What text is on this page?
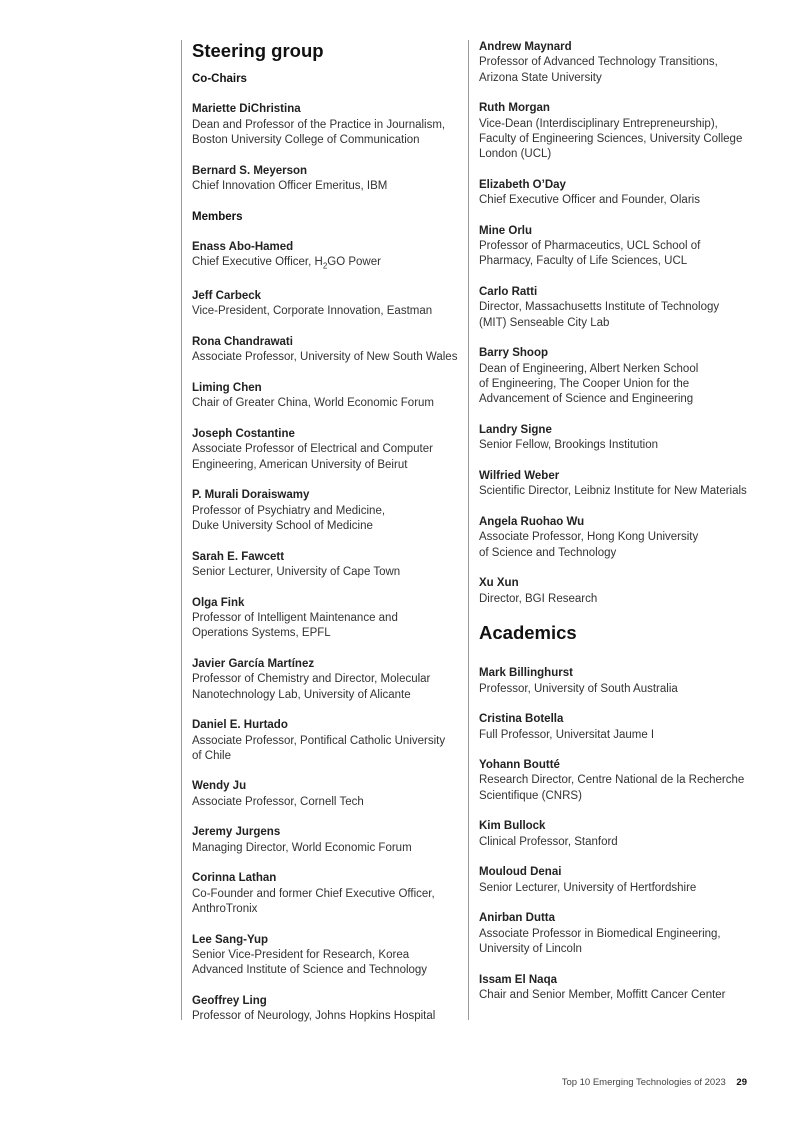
Steering group
Co-Chairs
Mariette DiChristina
Dean and Professor of the Practice in Journalism,
Boston University College of Communication
Bernard S. Meyerson
Chief Innovation Officer Emeritus, IBM
Members
Enass Abo-Hamed
Chief Executive Officer, $H_2GO$ Power
Jeff Carbeck
Vice-President, Corporate Innovation, Eastman
Rona Chandrawati
Associate Professor, University of New South Wales
Liming Chen
Chair of Greater China, World Economic Forum
Joseph Costantine
Associate Professor of Electrical and Computer
Engineering, American University of Beirut
P. Murali Doraiswamy
Professor of Psychiatry and Medicine,
Duke University School of Medicine
Sarah E. Fawcett
Senior Lecturer, University of Cape Town
Olga Fink
Professor of Intelligent Maintenance and
Operations Systems, EPFL
Javier García Martínez
Professor of Chemistry and Director, Molecular
Nanotechnology Lab, University of Alicante
Daniel E. Hurtado
Associate Professor, Pontifical Catholic University
of Chile
Wendy Ju
Associate Professor, Cornell Tech
Jeremy Jurgens
Managing Director, World Economic Forum
Corinna Lathan
Co-Founder and former Chief Executive Officer,
AnthroTronix
Lee Sang-Yup
Senior Vice-President for Research, Korea
Advanced Institute of Science and Technology
Geoffrey Ling
Professor of Neurology, Johns Hopkins Hospital
Andrew Maynard
Professor of Advanced Technology Transitions,
Arizona State University
Ruth Morgan
Vice-Dean (Interdisciplinary Entrepreneurship),
Faculty of Engineering Sciences, University College
London (UCL)
Elizabeth O’Day
Chief Executive Officer and Founder, Olaris
Mine Orlu
Professor of Pharmaceutics, UCL School of
Pharmacy, Faculty of Life Sciences, UCL
Carlo Ratti
Director, Massachusetts Institute of Technology
(MIT) Senseable City Lab
Barry Shoop
Dean of Engineering, Albert Nerken School
of Engineering, The Cooper Union for the
Advancement of Science and Engineering
Landry Signe
Senior Fellow, Brookings Institution
Wilfried Weber
Scientific Director, Leibniz Institute for New Materials
Angela Ruohao Wu
Associate Professor, Hong Kong University
of Science and Technology
Xu Xun
Director, BGI Research
Academics
Mark Billinghurst
Professor, University of South Australia
Cristina Botella
Full Professor, Universitat Jaume I
Yohann Boutté
Research Director, Centre National de la Recherche
Scientifique (CNRS)
Kim Bullock
Clinical Professor, Stanford
Mouloud Denai
Senior Lecturer, University of Hertfordshire
Anirban Dutta
Associate Professor in Biomedical Engineering,
University of Lincoln
Issam El Naqa
Chair and Senior Member, Moffitt Cancer Center
Top 10 Emerging Technologies of 2023 29
